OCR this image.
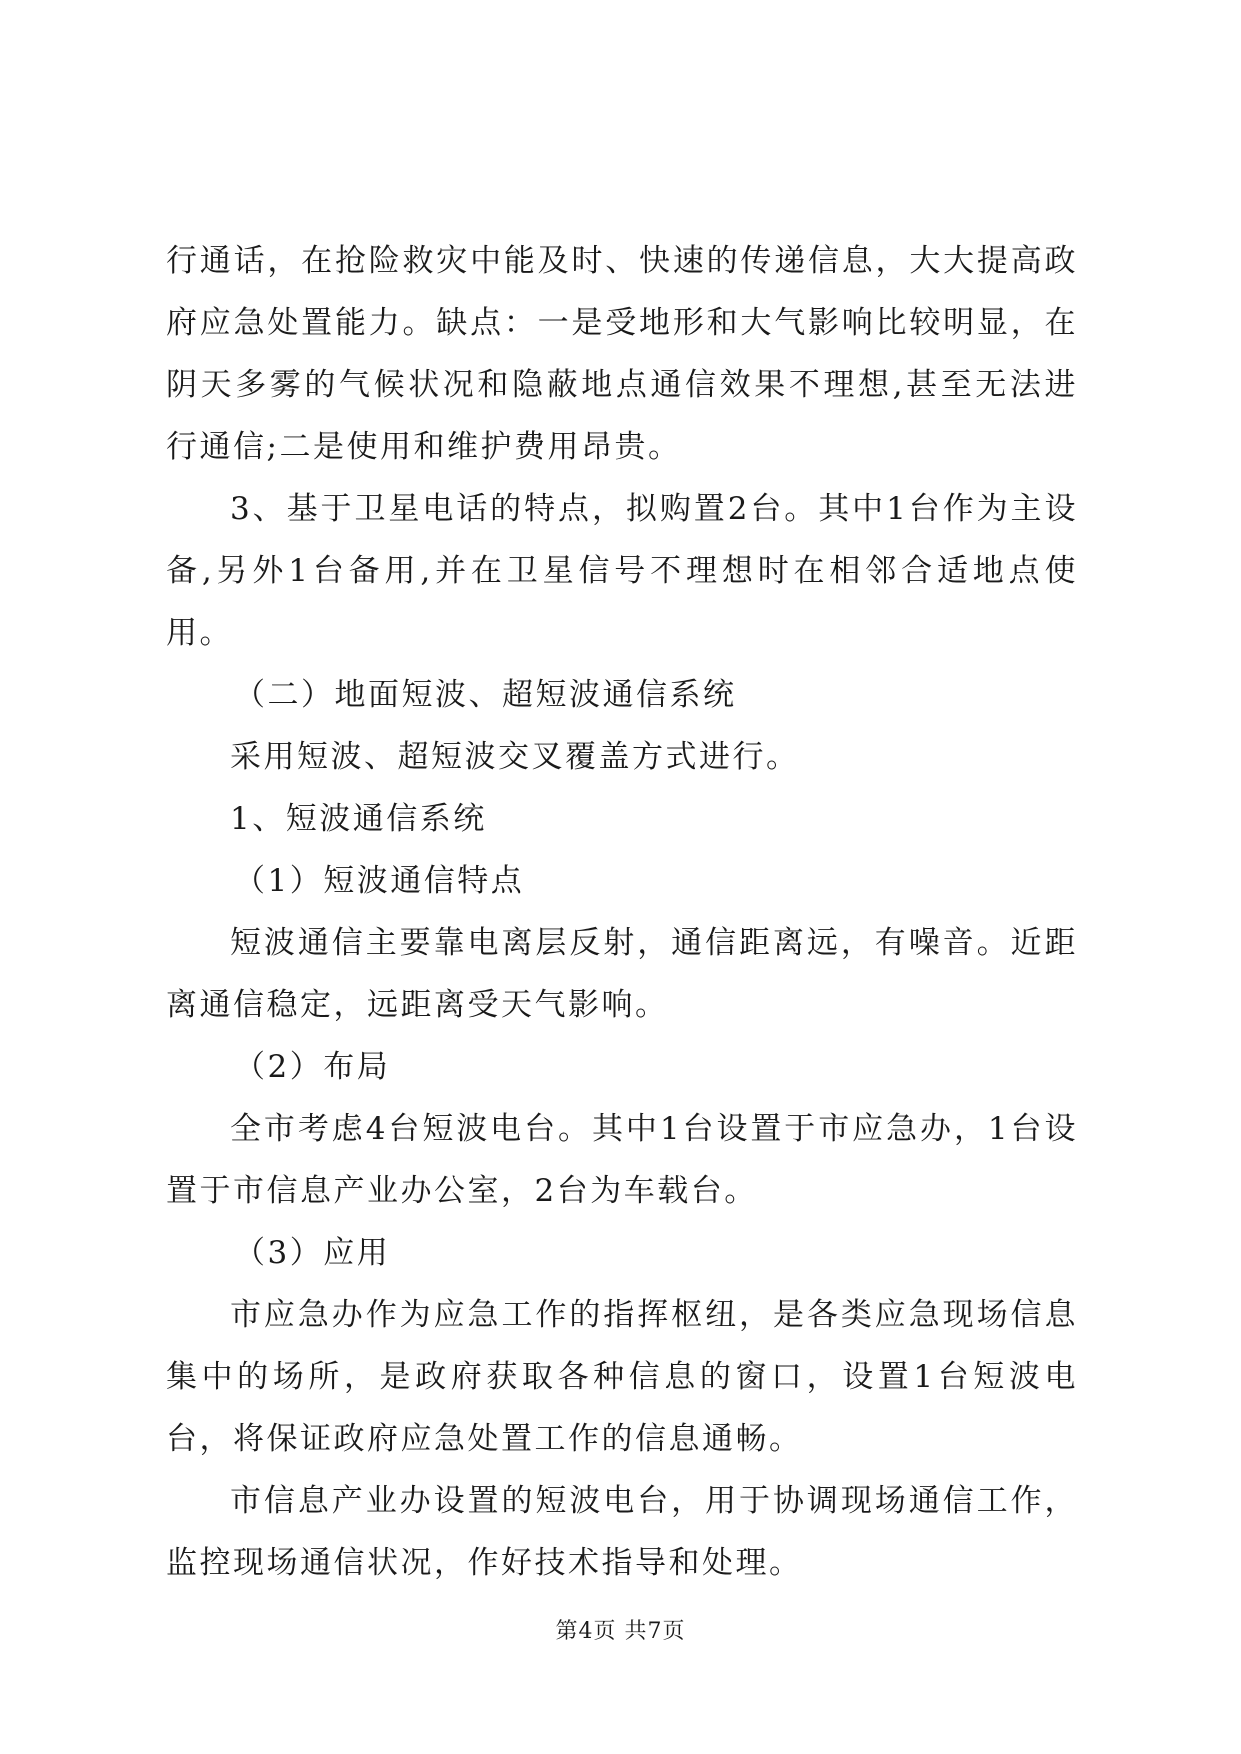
行通话，在抢险救灾中能及时、快速的传递信息，大大提高政府应急处置能力。缺点：一是受地形和大气影响比较明显，在阴天多雾的气候状况和隐蔽地点通信效果不理想,甚至无法进行通信;二是使用和维护费用昂贵。

3、基于卫星电话的特点，拟购置2台。其中1台作为主设备,另外1台备用,并在卫星信号不理想时在相邻合适地点使用。

（二）地面短波、超短波通信系统

采用短波、超短波交叉覆盖方式进行。

1、短波通信系统

（1）短波通信特点

短波通信主要靠电离层反射，通信距离远，有噪音。近距离通信稳定，远距离受天气影响。

（2）布局

全市考虑4台短波电台。其中1台设置于市应急办，1台设置于市信息产业办公室，2台为车载台。

（3）应用

市应急办作为应急工作的指挥枢纽，是各类应急现场信息集中的场所，是政府获取各种信息的窗口，设置1台短波电台，将保证政府应急处置工作的信息通畅。

市信息产业办设置的短波电台，用于协调现场通信工作，监控现场通信状况，作好技术指导和处理。

第4页 共7页
